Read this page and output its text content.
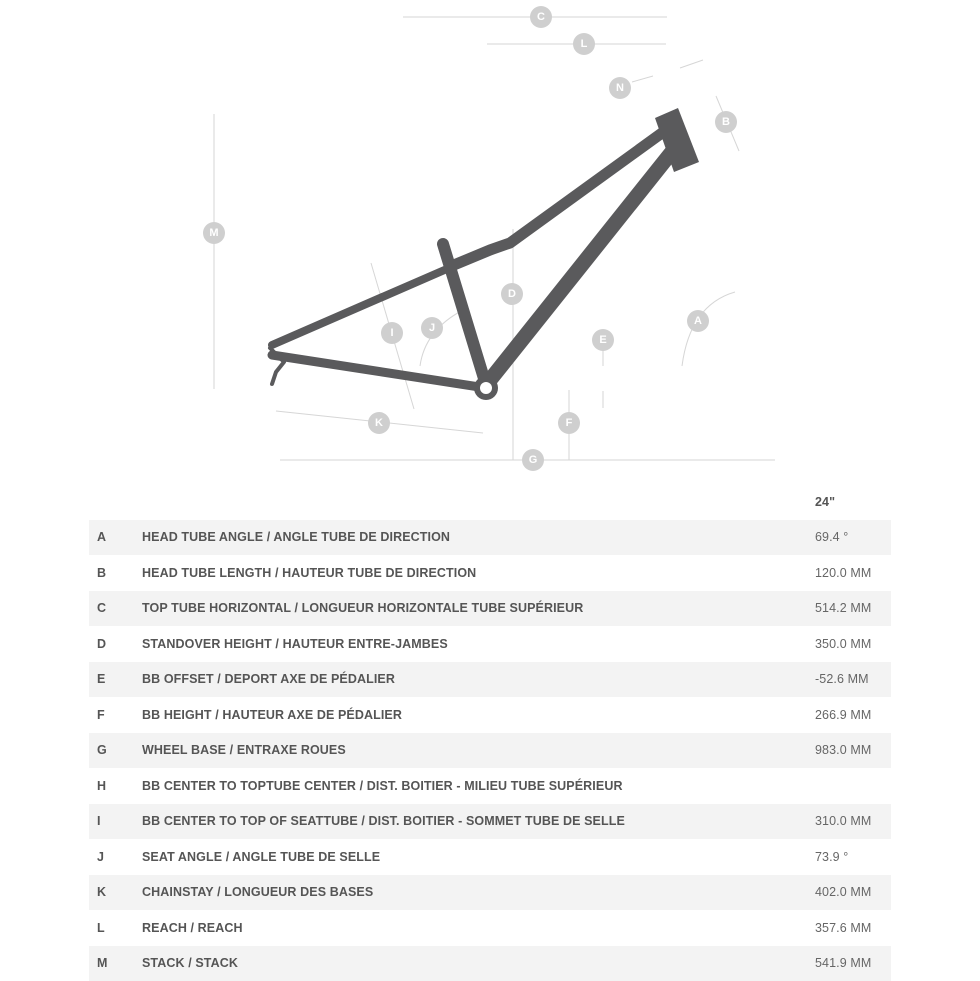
C
L
N
B
M
D
J
I
E
A
K	F
G
		24"
A	HEAD TUBE ANGLE / ANGLE TUBE DE DIRECTION	69.4 °
B	HEAD TUBE LENGTH / HAUTEUR TUBE DE DIRECTION	120.0 MM
C	TOP TUBE HORIZONTAL / LONGUEUR HORIZONTALE TUBE SUPÉRIEUR	514.2 MM
D	STANDOVER HEIGHT / HAUTEUR ENTRE-JAMBES	350.0 MM
E	BB OFFSET / DEPORT AXE DE PÉDALIER	-52.6 MM
F	BB HEIGHT / HAUTEUR AXE DE PÉDALIER	266.9 MM
G	WHEEL BASE / ENTRAXE ROUES	983.0 MM
H	BB CENTER TO TOPTUBE CENTER / DIST. BOITIER - MILIEU TUBE SUPÉRIEUR	
I	BB CENTER TO TOP OF SEATTUBE / DIST. BOITIER - SOMMET TUBE DE SELLE	310.0 MM
J	SEAT ANGLE / ANGLE TUBE DE SELLE	73.9 °
K	CHAINSTAY / LONGUEUR DES BASES	402.0 MM
L	REACH / REACH	357.6 MM
M	STACK / STACK	541.9 MM
